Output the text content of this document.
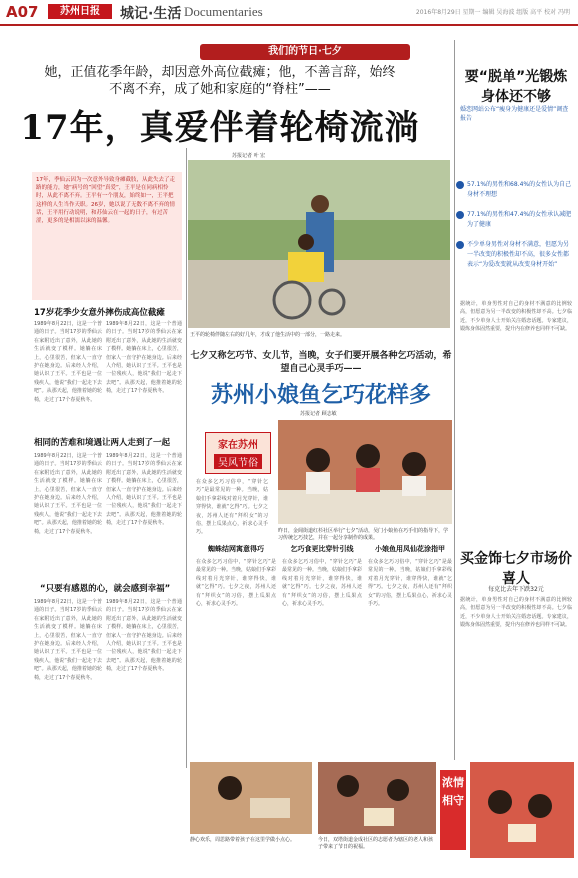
A07	苏州日报	城记·生活 Documentaries	2016年8月29日 星期一 编辑 吴海波 组版 高平 校对 冯明
我们的节日·七夕
她，正值花季年龄，却因意外高位截瘫；他，不善言辞，始终不离不弃，成了她和家庭的“脊柱”——
17年，真爱伴着轮椅流淌
17年，季仙云因为一次意外导致身瘫截肢，从此失去了走路的能力，她“病号的”回望“真爱”，王平是在同病相怜时，从此不离不弃。王平有一个朋友，始终如一，王平把这样的人生当作天职。26岁，她以说了无数不离不弃的情话，王平用行动说明，和苏仙云在一起的日子，有过苦涩，更多的是相濡以沫的温馨。
苏报记者 叶 宏
王平的轮椅伴随左右的好几年，才成了他生活中的一部分，一路走来。
17岁花季少女意外摔伤成高位截瘫
1989年8月22日，这是一个普通的日子。当时17岁的季仙云在家附近出了意外，从此她的生活就变了模样。她躺在床上，心里很苦，但家人一直守护在她身边。后来经人介绍，她认识了王平。王平也是一位残疾人，他说“我们一起走下去吧”。从那天起，他推着她的轮椅，走过了17个春夏秋冬。
1989年8月22日，这是一个普通的日子。当时17岁的季仙云在家附近出了意外，从此她的生活就变了模样。她躺在床上，心里很苦，但家人一直守护在她身边。后来经人介绍，她认识了王平。王平也是一位残疾人，他说“我们一起走下去吧”。从那天起，他推着她的轮椅，走过了17个春夏秋冬。
相同的苦难和境遇让两人走到了一起
1989年8月22日，这是一个普通的日子。当时17岁的季仙云在家附近出了意外，从此她的生活就变了模样。她躺在床上，心里很苦，但家人一直守护在她身边。后来经人介绍，她认识了王平。王平也是一位残疾人，他说“我们一起走下去吧”。从那天起，他推着她的轮椅，走过了17个春夏秋冬。
1989年8月22日，这是一个普通的日子。当时17岁的季仙云在家附近出了意外，从此她的生活就变了模样。她躺在床上，心里很苦，但家人一直守护在她身边。后来经人介绍，她认识了王平。王平也是一位残疾人，他说“我们一起走下去吧”。从那天起，他推着她的轮椅，走过了17个春夏秋冬。
“只要有感恩的心，就会感到幸福”
1989年8月22日，这是一个普通的日子。当时17岁的季仙云在家附近出了意外，从此她的生活就变了模样。她躺在床上，心里很苦，但家人一直守护在她身边。后来经人介绍，她认识了王平。王平也是一位残疾人，他说“我们一起走下去吧”。从那天起，他推着她的轮椅，走过了17个春夏秋冬。
1989年8月22日，这是一个普通的日子。当时17岁的季仙云在家附近出了意外，从此她的生活就变了模样。她躺在床上，心里很苦，但家人一直守护在她身边。后来经人介绍，她认识了王平。王平也是一位残疾人，他说“我们一起走下去吧”。从那天起，他推着她的轮椅，走过了17个春夏秋冬。
七夕又称乞巧节、女儿节，当晚，女子们要开展各种乞巧活动，希望自己心灵手巧——
苏州小娘鱼乞巧花样多
苏报记者 顾志敏
家在苏州
吴风节俗
在众多乞巧习俗中，“穿针乞巧”是最常见的一种。当晚，姑娘们手拿彩线对着月光穿针，谁穿得快，谁就“乞得”巧。七夕之夜，苏州人还有“拜织女”的习俗，摆上瓜果点心，祈求心灵手巧。	昨日，金阊街道红杉社区举行“七夕”活动，吴门小娘鱼在巧手们的指导下，学习传统乞巧技艺，并在一起分享制作的成果。
蜘蛛结网寓意得巧	乞巧食更比穿针引线	小娘鱼用凤仙花涂指甲
在众多乞巧习俗中，“穿针乞巧”是最常见的一种。当晚，姑娘们手拿彩线对着月光穿针，谁穿得快，谁就“乞得”巧。七夕之夜，苏州人还有“拜织女”的习俗，摆上瓜果点心，祈求心灵手巧。
在众多乞巧习俗中，“穿针乞巧”是最常见的一种。当晚，姑娘们手拿彩线对着月光穿针，谁穿得快，谁就“乞得”巧。七夕之夜，苏州人还有“拜织女”的习俗，摆上瓜果点心，祈求心灵手巧。
在众多乞巧习俗中，“穿针乞巧”是最常见的一种。当晚，姑娘们手拿彩线对着月光穿针，谁穿得快，谁就“乞得”巧。七夕之夜，苏州人还有“拜织女”的习俗，摆上瓜果点心，祈求心灵手巧。
静心欢乐，周思路带着孩子在这里学做小点心。	今日，双塔街道金成社区的志愿者为辖区的老人和孩子带来了节日的祝福。
浓情相守
要“脱单”光锻炼身体还不够
婚恋网站公布“瘦身为健康还是爱情”调查报告
57.1%的男性和68.4%的女性认为自己身材不理想
77.1%的男性和47.4%的女性承认减肥为了健康
不少单身男性对身材不满意，但愿为另一半改变的积极性却不高，很多女性都表示“为爱改变就从改变身材开始”
据统计，单身男性对自己的身材不满意的比例较高，但愿意为另一半改变的积极性却不高。七夕临近，不少单身人士开始关注婚恋话题。专家建议，锻炼身体固然重要，提升内在修养也同样不可缺。
买金饰七夕市场价喜人
每克比去年下跌32元
据统计，单身男性对自己的身材不满意的比例较高，但愿意为另一半改变的积极性却不高。七夕临近，不少单身人士开始关注婚恋话题。专家建议，锻炼身体固然重要，提升内在修养也同样不可缺。
